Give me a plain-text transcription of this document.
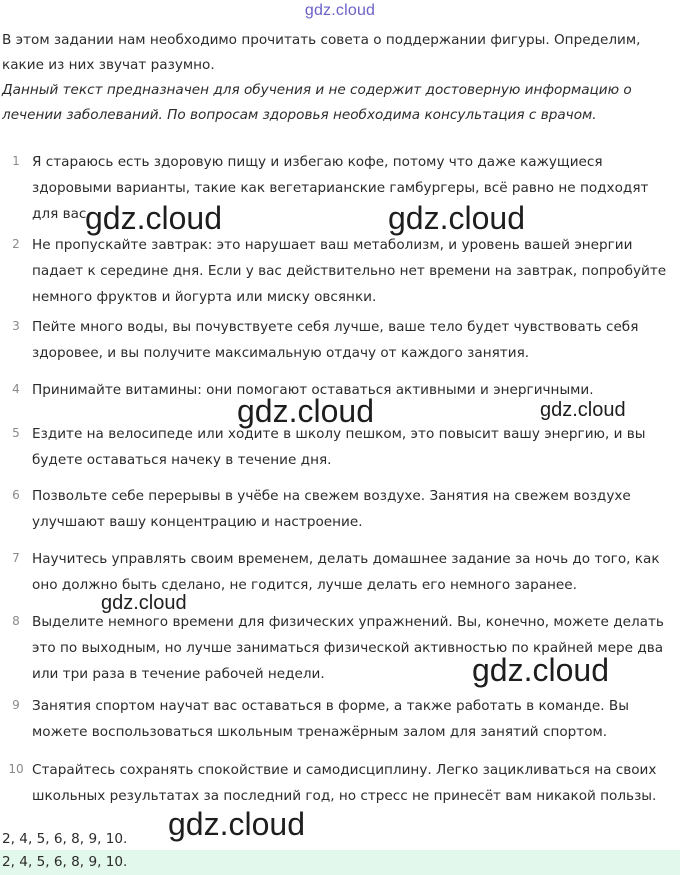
gdz.cloud

В этом задании нам необходимо прочитать совета о поддержании фигуры. Определим, какие из них звучат разумно.

Данный текст предназначен для обучения и не содержит достоверную информацию о лечении заболеваний. По вопросам здоровья необходима консультация с врачом.

1 Я стараюсь есть здоровую пищу и избегаю кофе, потому что даже кажущиеся здоровыми варианты, такие как вегетарианские гамбургеры, всё равно не подходят для вас.
2 Не пропускайте завтрак: это нарушает ваш метаболизм, и уровень вашей энергии падает к середине дня. Если у вас действительно нет времени на завтрак, попробуйте немного фруктов и йогурта или миску овсянки.
3 Пейте много воды, вы почувствуете себя лучше, ваше тело будет чувствовать себя здоровее, и вы получите максимальную отдачу от каждого занятия.
4 Принимайте витамины: они помогают оставаться активными и энергичными.
5 Ездите на велосипеде или ходите в школу пешком, это повысит вашу энергию, и вы будете оставаться начеку в течение дня.
6 Позвольте себе перерывы в учёбе на свежем воздухе. Занятия на свежем воздухе улучшают вашу концентрацию и настроение.
7 Научитесь управлять своим временем, делать домашнее задание за ночь до того, как оно должно быть сделано, не годится, лучше делать его немного заранее.
8 Выделите немного времени для физических упражнений. Вы, конечно, можете делать это по выходным, но лучше заниматься физической активностью по крайней мере два или три раза в течение рабочей недели.
9 Занятия спортом научат вас оставаться в форме, а также работать в команде. Вы можете воспользоваться школьным тренажёрным залом для занятий спортом.
10 Старайтесь сохранять спокойствие и самодисциплину. Легко зацикливаться на своих школьных результатах за последний год, но стресс не принесёт вам никакой пользы.
2, 4, 5, 6, 8, 9, 10.
2, 4, 5, 6, 8, 9, 10.
gdz.cloud	gdz.cloud
gdz.cloud	gdz.cloud
gdz.cloud
gdz.cloud
gdz.cloud
